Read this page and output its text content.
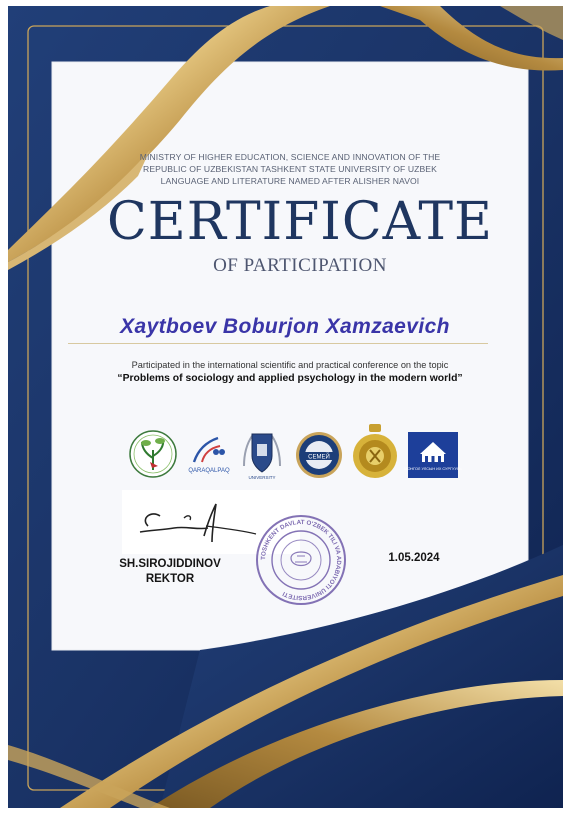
MINISTRY OF HIGHER EDUCATION, SCIENCE AND INNOVATION OF THE
REPUBLIC OF UZBEKISTAN TASHKENT STATE UNIVERSITY OF UZBEK
LANGUAGE AND LITERATURE NAMED AFTER ALISHER NAVOI
CERTIFICATE
OF PARTICIPATION
Xaytboev Boburjon Xamzaevich
Participated in the international scientific and practical conference on the topic
“Problems of sociology and applied psychology in the modern world”
QARAQALPAQ
UNIVERSITY
СЕМЕЙ
МОНГОЛ УЛСЫН ИХ СУРГУУЛЬ
SH.SIROJIDDINOV
REKTOR
TOSHKENT DAVLAT O'ZBEK TILI VA ADABIYOTI UNIVERSITETI
1.05.2024
